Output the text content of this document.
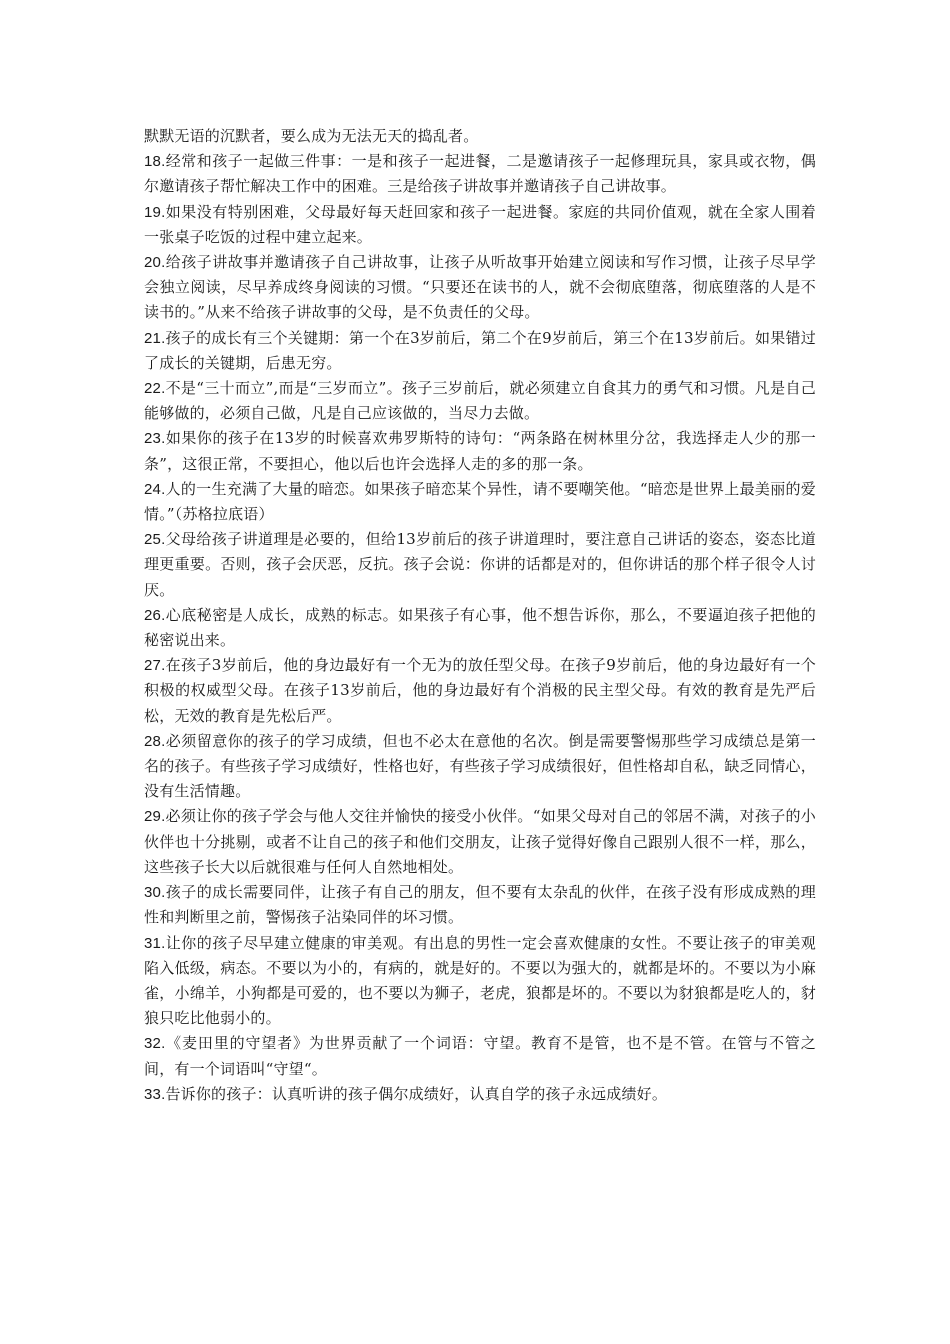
默默无语的沉默者，要么成为无法无天的捣乱者。

18.经常和孩子一起做三件事：一是和孩子一起进餐，二是邀请孩子一起修理玩具，家具或衣物，偶尔邀请孩子帮忙解决工作中的困难。三是给孩子讲故事并邀请孩子自己讲故事。

19.如果没有特别困难，父母最好每天赶回家和孩子一起进餐。家庭的共同价值观，就在全家人围着一张桌子吃饭的过程中建立起来。

20.给孩子讲故事并邀请孩子自己讲故事，让孩子从听故事开始建立阅读和写作习惯，让孩子尽早学会独立阅读，尽早养成终身阅读的习惯。“只要还在读书的人，就不会彻底堕落，彻底堕落的人是不读书的。”从来不给孩子讲故事的父母，是不负责任的父母。

21.孩子的成长有三个关键期：第一个在3岁前后，第二个在9岁前后，第三个在13岁前后。如果错过了成长的关键期，后患无穷。

22.不是“三十而立”,而是“三岁而立”。孩子三岁前后，就必须建立自食其力的勇气和习惯。凡是自己能够做的，必须自己做，凡是自己应该做的，当尽力去做。

23.如果你的孩子在13岁的时候喜欢弗罗斯特的诗句：“两条路在树林里分岔，我选择走人少的那一条”，这很正常，不要担心，他以后也许会选择人走的多的那一条。

24.人的一生充满了大量的暗恋。如果孩子暗恋某个异性，请不要嘲笑他。“暗恋是世界上最美丽的爱情。”（苏格拉底语）

25.父母给孩子讲道理是必要的，但给13岁前后的孩子讲道理时，要注意自己讲话的姿态，姿态比道理更重要。否则，孩子会厌恶，反抗。孩子会说：你讲的话都是对的，但你讲话的那个样子很令人讨厌。

26.心底秘密是人成长，成熟的标志。如果孩子有心事，他不想告诉你，那么，不要逼迫孩子把他的秘密说出来。

27.在孩子3岁前后，他的身边最好有一个无为的放任型父母。在孩子9岁前后，他的身边最好有一个积极的权威型父母。在孩子13岁前后，他的身边最好有个消极的民主型父母。有效的教育是先严后松，无效的教育是先松后严。

28.必须留意你的孩子的学习成绩，但也不必太在意他的名次。倒是需要警惕那些学习成绩总是第一名的孩子。有些孩子学习成绩好，性格也好，有些孩子学习成绩很好，但性格却自私，缺乏同情心，没有生活情趣。

29.必须让你的孩子学会与他人交往并愉快的接受小伙伴。“如果父母对自己的邻居不满，对孩子的小伙伴也十分挑剔，或者不让自己的孩子和他们交朋友，让孩子觉得好像自己跟别人很不一样，那么，这些孩子长大以后就很难与任何人自然地相处。

30.孩子的成长需要同伴，让孩子有自己的朋友，但不要有太杂乱的伙伴，在孩子没有形成成熟的理性和判断里之前，警惕孩子沾染同伴的坏习惯。

31.让你的孩子尽早建立健康的审美观。有出息的男性一定会喜欢健康的女性。不要让孩子的审美观陷入低级，病态。不要以为小的，有病的，就是好的。不要以为强大的，就都是坏的。不要以为小麻雀，小绵羊，小狗都是可爱的，也不要以为狮子，老虎，狼都是坏的。不要以为豺狼都是吃人的，豺狼只吃比他弱小的。

32.《麦田里的守望者》为世界贡献了一个词语：守望。教育不是管，也不是不管。在管与不管之间，有一个词语叫“守望“。

33.告诉你的孩子：认真听讲的孩子偶尔成绩好，认真自学的孩子永远成绩好。
